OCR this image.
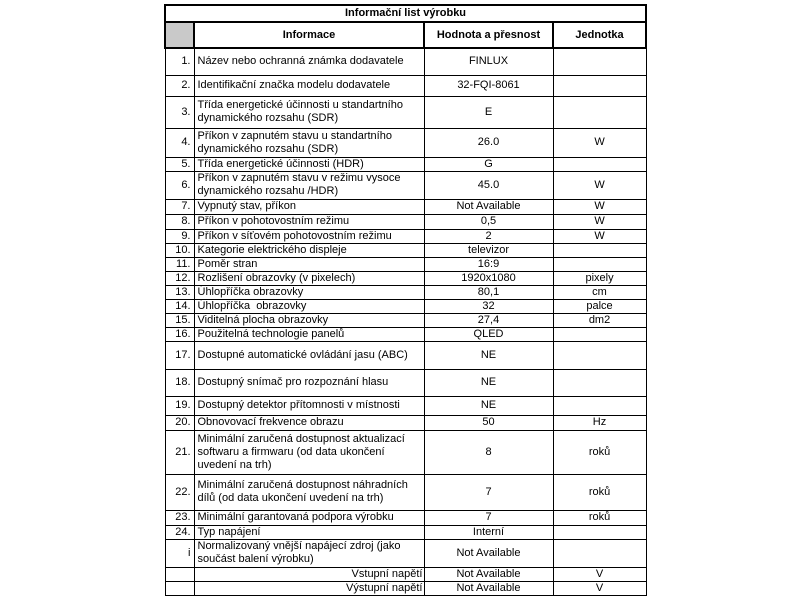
Informační list výrobku			
	Informace	Hodnota a přesnost	Jednotka
1.	Název nebo ochranná známka dodavatele	FINLUX	
2.	Identifikační značka modelu dodavatele	32-FQI-8061	
3.	Třída energetické účinnosti u standartního dynamického rozsahu (SDR)	E	
4.	Příkon v zapnutém stavu u standartního dynamického rozsahu (SDR)	26.0	W
5.	Třída energetické účinnosti (HDR)	G	
6.	Příkon v zapnutém stavu v režimu vysoce dynamického rozsahu /HDR)	45.0	W
7.	Vypnutý stav, příkon	Not Available	W
8.	Příkon v pohotovostním režimu	0,5	W
9.	Příkon v síťovém pohotovostním režimu	2	W
10.	Kategorie elektrického displeje	televizor	
11.	Poměr stran	16:9	
12.	Rozlišení obrazovky (v pixelech)	1920x1080	pixely
13.	Úhlopříčka obrazovky	80,1	cm
14.	Úhlopříčka  obrazovky	32	palce
15.	Viditelná plocha obrazovky	27,4	dm2
16.	Použitelná technologie panelů	QLED	
17.	Dostupné automatické ovládání jasu (ABC)	NE	
18.	Dostupný snímač pro rozpoznání hlasu	NE	
19.	Dostupný detektor přítomnosti v místnosti	NE	
20.	Obnovovací frekvence obrazu	50	Hz
21.	Minimální zaručená dostupnost aktualizací softwaru a firmwaru (od data ukončení uvedení na trh)	8	roků
22.	Minimální zaručená dostupnost náhradních dílů (od data ukončení uvedení na trh)	7	roků
23.	Minimální garantovaná podpora výrobku	7	roků
24.	Typ napájení	Interní	
i	Normalizovaný vnější napájecí zdroj (jako součást balení výrobku)	Not Available	
	Vstupní napětí	Not Available	V
	Výstupní napětí	Not Available	V
